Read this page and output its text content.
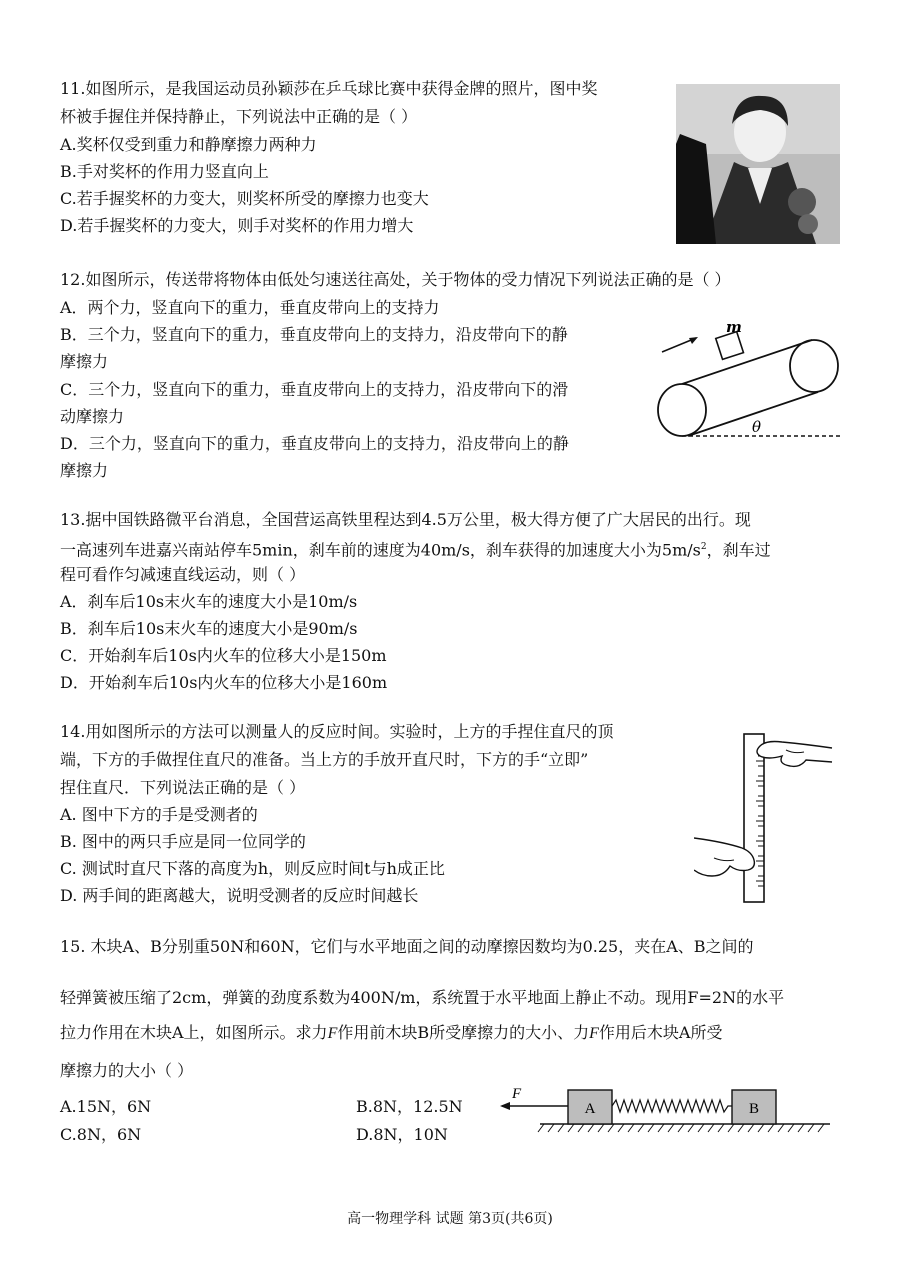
11.如图所示，是我国运动员孙颖莎在乒乓球比赛中获得金牌的照片，图中奖
杯被手握住并保持静止，下列说法中正确的是（ ）
A.奖杯仅受到重力和静摩擦力两种力
B.手对奖杯的作用力竖直向上
C.若手握奖杯的力变大，则奖杯所受的摩擦力也变大
D.若手握奖杯的力变大，则手对奖杯的作用力增大
12.如图所示，传送带将物体由低处匀速送往高处，关于物体的受力情况下列说法正确的是（ ）
A．两个力，竖直向下的重力，垂直皮带向上的支持力
B．三个力，竖直向下的重力，垂直皮带向上的支持力，沿皮带向下的静
摩擦力
C．三个力，竖直向下的重力，垂直皮带向上的支持力，沿皮带向下的滑
动摩擦力
D．三个力，竖直向下的重力，垂直皮带向上的支持力，沿皮带向上的静
摩擦力
m
θ
13.据中国铁路微平台消息，全国营运高铁里程达到4.5万公里，极大得方便了广大居民的出行。现
一高速列车进嘉兴南站停车5min，刹车前的速度为40m/s，刹车获得的加速度大小为$5m/s^2$，刹车过
程可看作匀减速直线运动，则（ ）
A．刹车后10s末火车的速度大小是10m/s
B．刹车后10s末火车的速度大小是90m/s
C．开始刹车后10s内火车的位移大小是150m
D．开始刹车后10s内火车的位移大小是160m
14.用如图所示的方法可以测量人的反应时间。实验时，上方的手捏住直尺的顶
端，下方的手做捏住直尺的准备。当上方的手放开直尺时，下方的手“立即”
捏住直尺．下列说法正确的是（ ）
A. 图中下方的手是受测者的
B. 图中的两只手应是同一位同学的
C. 测试时直尺下落的高度为h，则反应时间t与h成正比
D. 两手间的距离越大，说明受测者的反应时间越长
15. 木块A、B分别重50N和60N，它们与水平地面之间的动摩擦因数均为0.25，夹在A、B之间的
轻弹簧被压缩了2cm，弹簧的劲度系数为400N/m，系统置于水平地面上静止不动。现用F=2N的水平
拉力作用在木块A上，如图所示。求力F作用前木块B所受摩擦力的大小、力F作用后木块A所受
摩擦力的大小（ ）
A.15N，6N	B.8N，12.5N
C.8N，6N	D.8N，10N
F
A	B
高一物理学科 试题 第3页(共6页)
